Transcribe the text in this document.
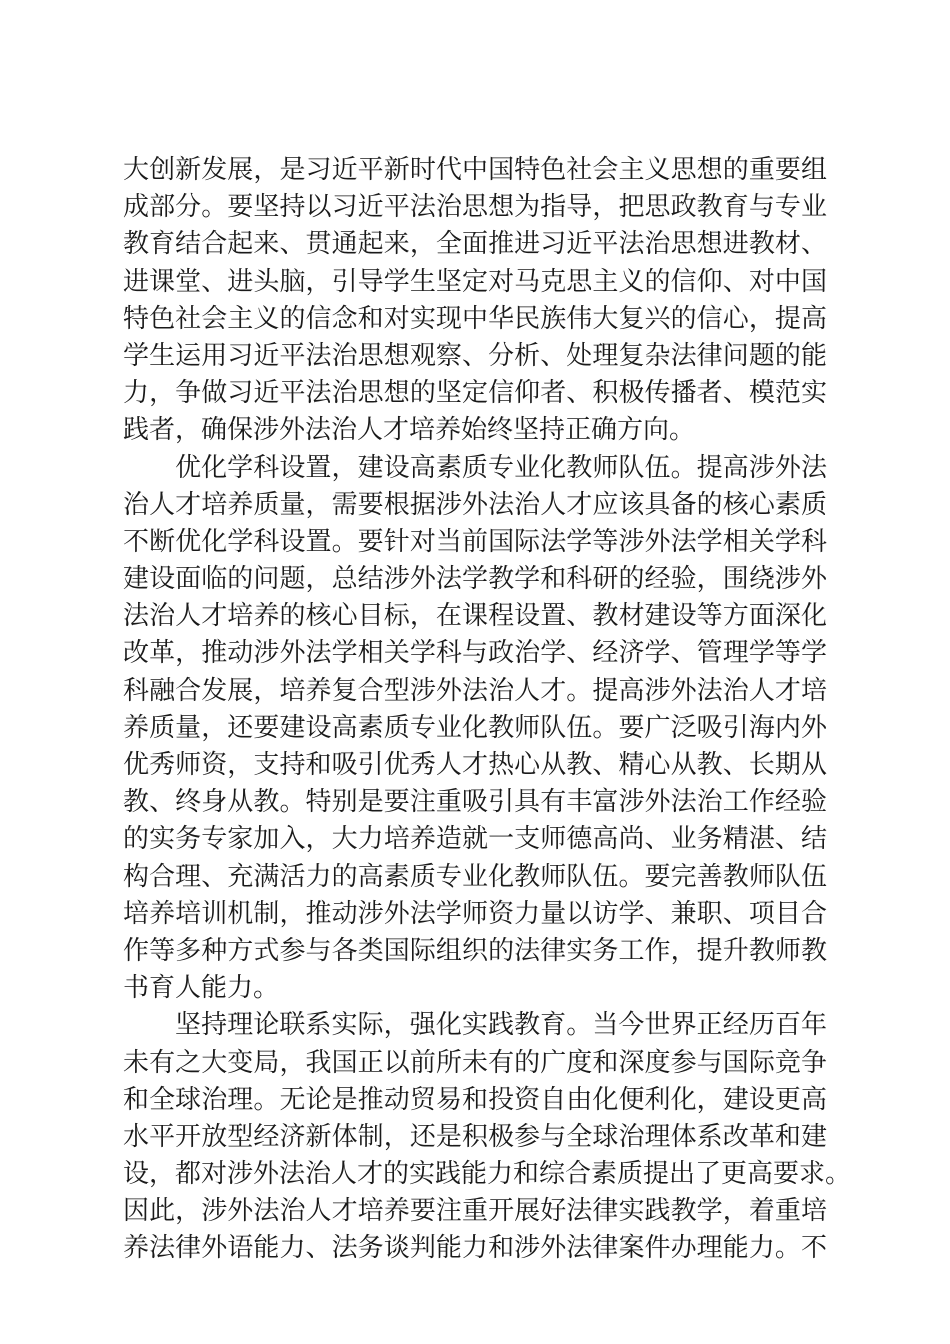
大创新发展，是习近平新时代中国特色社会主义思想的重要组
成部分。要坚持以习近平法治思想为指导，把思政教育与专业
教育结合起来、贯通起来，全面推进习近平法治思想进教材、
进课堂、进头脑，引导学生坚定对马克思主义的信仰、对中国
特色社会主义的信念和对实现中华民族伟大复兴的信心，提高
学生运用习近平法治思想观察、分析、处理复杂法律问题的能
力，争做习近平法治思想的坚定信仰者、积极传播者、模范实
践者，确保涉外法治人才培养始终坚持正确方向。
优化学科设置，建设高素质专业化教师队伍。提高涉外法
治人才培养质量，需要根据涉外法治人才应该具备的核心素质
不断优化学科设置。要针对当前国际法学等涉外法学相关学科
建设面临的问题，总结涉外法学教学和科研的经验，围绕涉外
法治人才培养的核心目标，在课程设置、教材建设等方面深化
改革，推动涉外法学相关学科与政治学、经济学、管理学等学
科融合发展，培养复合型涉外法治人才。提高涉外法治人才培
养质量，还要建设高素质专业化教师队伍。要广泛吸引海内外
优秀师资，支持和吸引优秀人才热心从教、精心从教、长期从
教、终身从教。特别是要注重吸引具有丰富涉外法治工作经验
的实务专家加入，大力培养造就一支师德高尚、业务精湛、结
构合理、充满活力的高素质专业化教师队伍。要完善教师队伍
培养培训机制，推动涉外法学师资力量以访学、兼职、项目合
作等多种方式参与各类国际组织的法律实务工作，提升教师教
书育人能力。
坚持理论联系实际，强化实践教育。当今世界正经历百年
未有之大变局，我国正以前所未有的广度和深度参与国际竞争
和全球治理。无论是推动贸易和投资自由化便利化，建设更高
水平开放型经济新体制，还是积极参与全球治理体系改革和建
设，都对涉外法治人才的实践能力和综合素质提出了更高要求。
因此，涉外法治人才培养要注重开展好法律实践教学，着重培
养法律外语能力、法务谈判能力和涉外法律案件办理能力。不
